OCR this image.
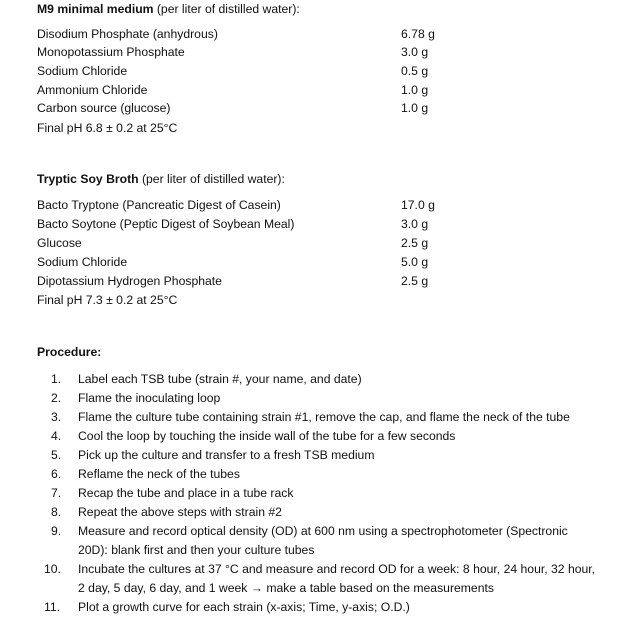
M9 minimal medium (per liter of distilled water):
Disodium Phosphate (anhydrous)	6.78 g
Monopotassium Phosphate	3.0 g
Sodium Chloride	0.5 g
Ammonium Chloride	1.0 g
Carbon source (glucose)	1.0 g
Final pH 6.8 ± 0.2 at 25°C
Tryptic Soy Broth (per liter of distilled water):
Bacto Tryptone (Pancreatic Digest of Casein)	17.0 g
Bacto Soytone (Peptic Digest of Soybean Meal)	3.0 g
Glucose	2.5 g
Sodium Chloride	5.0 g
Dipotassium Hydrogen Phosphate	2.5 g
Final pH 7.3 ± 0.2 at 25°C
Procedure:
1.	Label each TSB tube (strain #, your name, and date)
2.	Flame the inoculating loop
3.	Flame the culture tube containing strain #1, remove the cap, and flame the neck of the tube
4.	Cool the loop by touching the inside wall of the tube for a few seconds
5.	Pick up the culture and transfer to a fresh TSB medium
6.	Reflame the neck of the tubes
7.	Recap the tube and place in a tube rack
8.	Repeat the above steps with strain #2
9.	Measure and record optical density (OD) at 600 nm using a spectrophotometer (Spectronic 20D): blank first and then your culture tubes
10.	Incubate the cultures at 37 °C and measure and record OD for a week: 8 hour, 24 hour, 32 hour, 2 day, 5 day, 6 day, and 1 week → make a table based on the measurements
11.	Plot a growth curve for each strain (x-axis; Time, y-axis; O.D.)
